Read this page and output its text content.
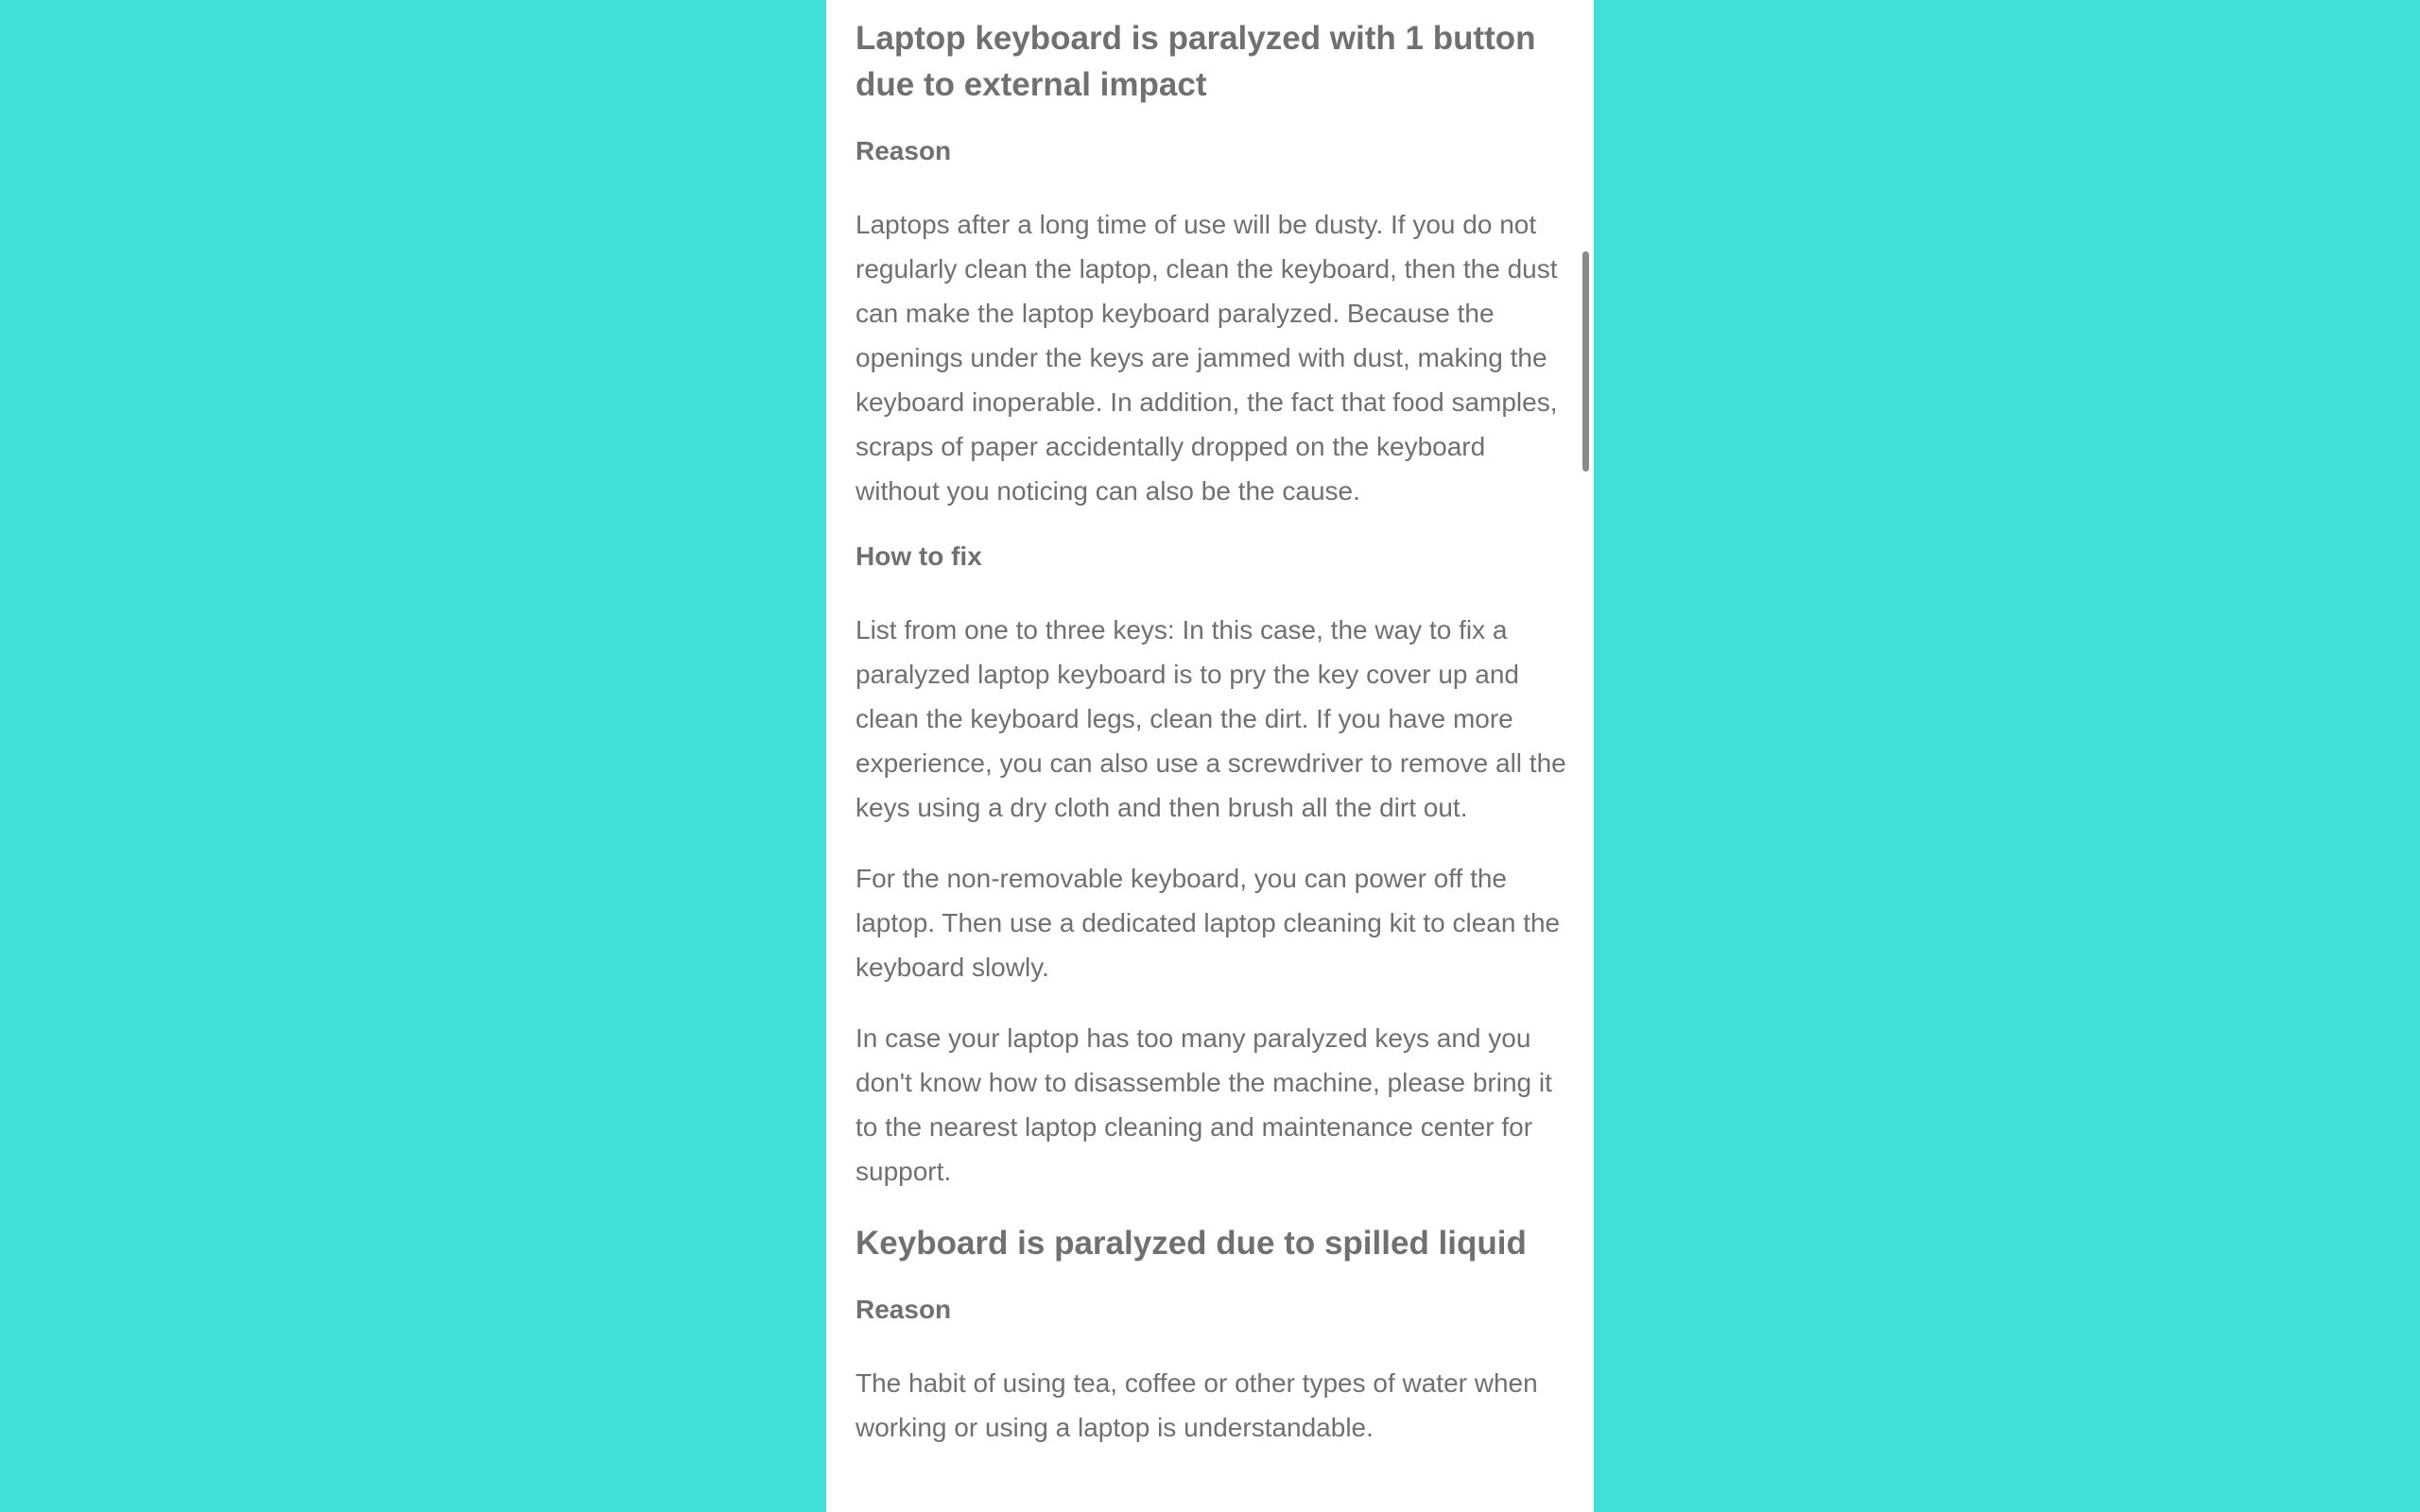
Laptop keyboard is paralyzed with 1 button due to external impact
Reason
Laptops after a long time of use will be dusty. If you do not regularly clean the laptop, clean the keyboard, then the dust can make the laptop keyboard paralyzed. Because the openings under the keys are jammed with dust, making the keyboard inoperable. In addition, the fact that food samples, scraps of paper accidentally dropped on the keyboard without you noticing can also be the cause.
How to fix
List from one to three keys: In this case, the way to fix a paralyzed laptop keyboard is to pry the key cover up and clean the keyboard legs, clean the dirt. If you have more experience, you can also use a screwdriver to remove all the keys using a dry cloth and then brush all the dirt out.
For the non-removable keyboard, you can power off the laptop. Then use a dedicated laptop cleaning kit to clean the keyboard slowly.
In case your laptop has too many paralyzed keys and you don't know how to disassemble the machine, please bring it to the nearest laptop cleaning and maintenance center for support.
Keyboard is paralyzed due to spilled liquid
Reason
The habit of using tea, coffee or other types of water when working or using a laptop is understandable.
